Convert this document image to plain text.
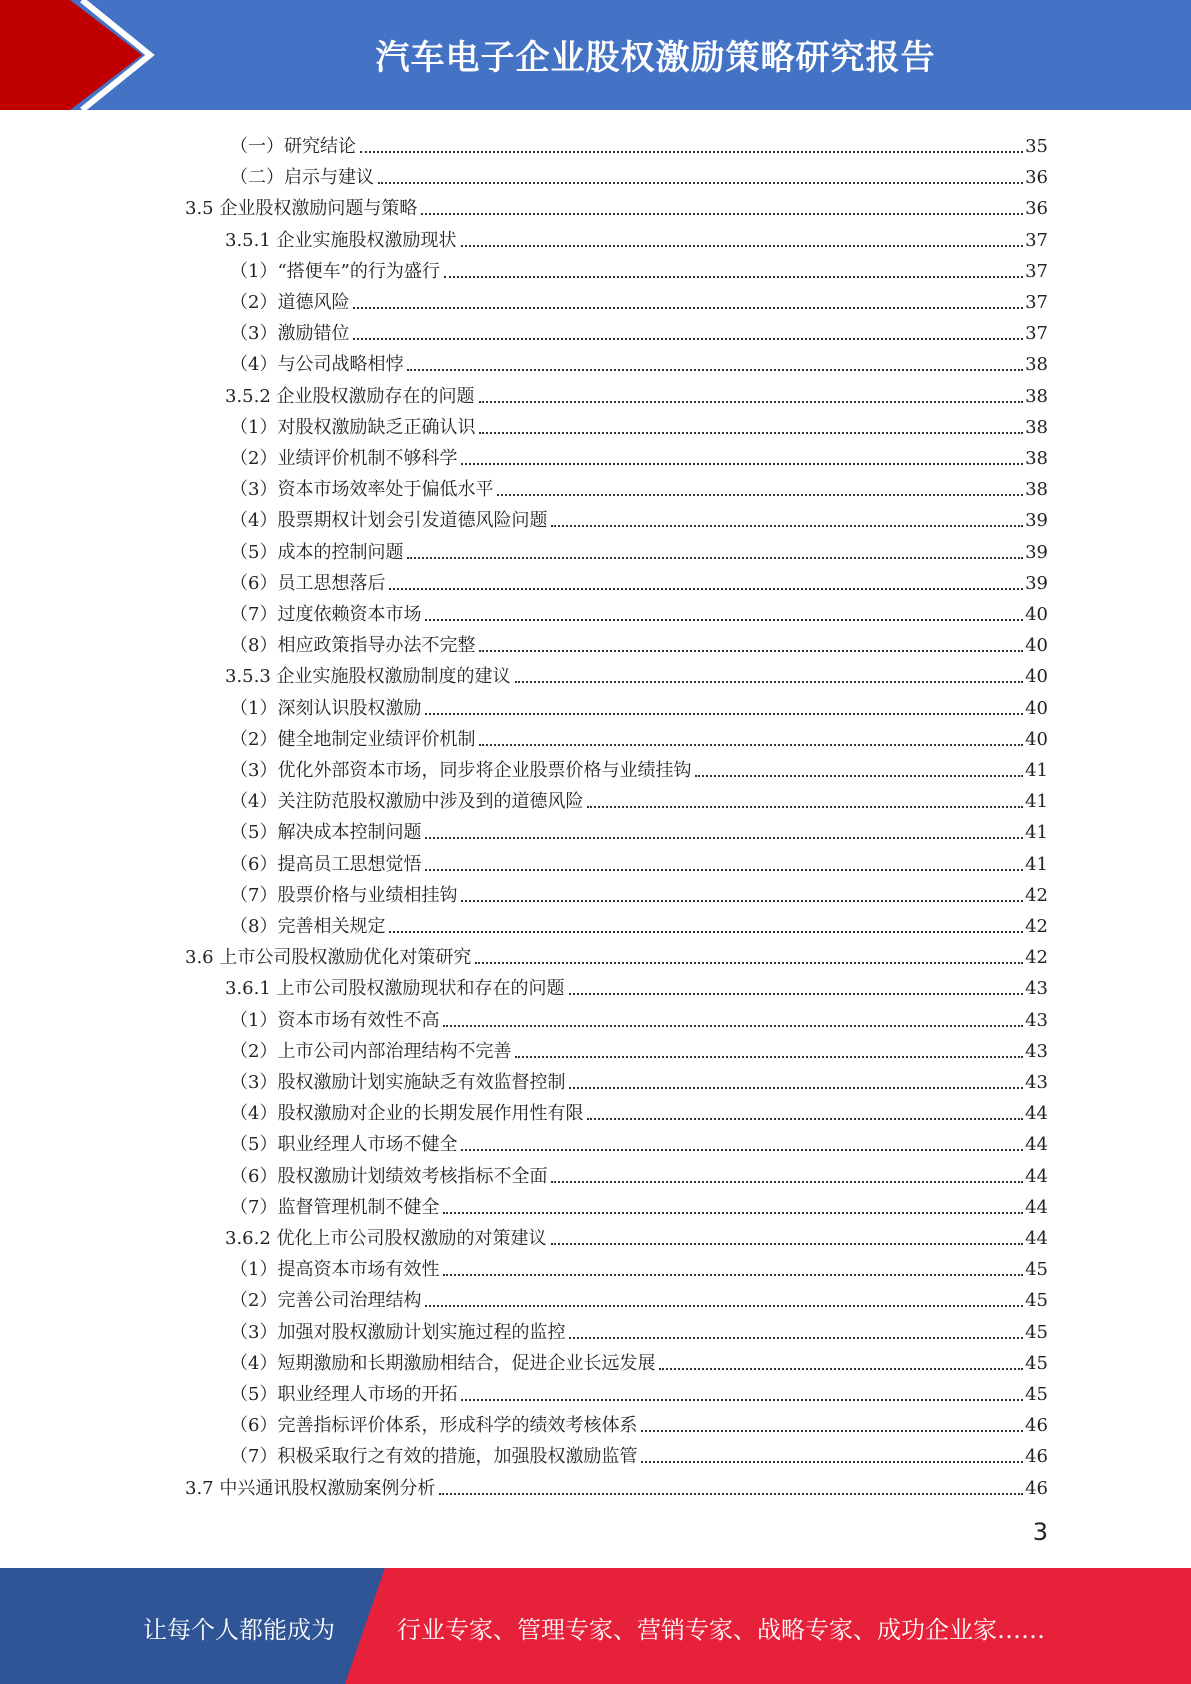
汽车电子企业股权激励策略研究报告
（一）研究结论	35
（二）启示与建议	36
3.5 企业股权激励问题与策略	36
3.5.1 企业实施股权激励现状	37
（1）“搭便车”的行为盛行	37
（2）道德风险	37
（3）激励错位	37
（4）与公司战略相悖	38
3.5.2 企业股权激励存在的问题	38
（1）对股权激励缺乏正确认识	38
（2）业绩评价机制不够科学	38
（3）资本市场效率处于偏低水平	38
（4）股票期权计划会引发道德风险问题	39
（5）成本的控制问题	39
（6）员工思想落后	39
（7）过度依赖资本市场	40
（8）相应政策指导办法不完整	40
3.5.3 企业实施股权激励制度的建议	40
（1）深刻认识股权激励	40
（2）健全地制定业绩评价机制	40
（3）优化外部资本市场，同步将企业股票价格与业绩挂钩	41
（4）关注防范股权激励中涉及到的道德风险	41
（5）解决成本控制问题	41
（6）提高员工思想觉悟	41
（7）股票价格与业绩相挂钩	42
（8）完善相关规定	42
3.6 上市公司股权激励优化对策研究	42
3.6.1 上市公司股权激励现状和存在的问题	43
（1）资本市场有效性不高	43
（2）上市公司内部治理结构不完善	43
（3）股权激励计划实施缺乏有效监督控制	43
（4）股权激励对企业的长期发展作用性有限	44
（5）职业经理人市场不健全	44
（6）股权激励计划绩效考核指标不全面	44
（7）监督管理机制不健全	44
3.6.2 优化上市公司股权激励的对策建议	44
（1）提高资本市场有效性	45
（2）完善公司治理结构	45
（3）加强对股权激励计划实施过程的监控	45
（4）短期激励和长期激励相结合，促进企业长远发展	45
（5）职业经理人市场的开拓	45
（6）完善指标评价体系，形成科学的绩效考核体系	46
（7）积极采取行之有效的措施，加强股权激励监管	46
3.7 中兴通讯股权激励案例分析	46
3
让每个人都能成为	行业专家、管理专家、营销专家、战略专家、成功企业家……
